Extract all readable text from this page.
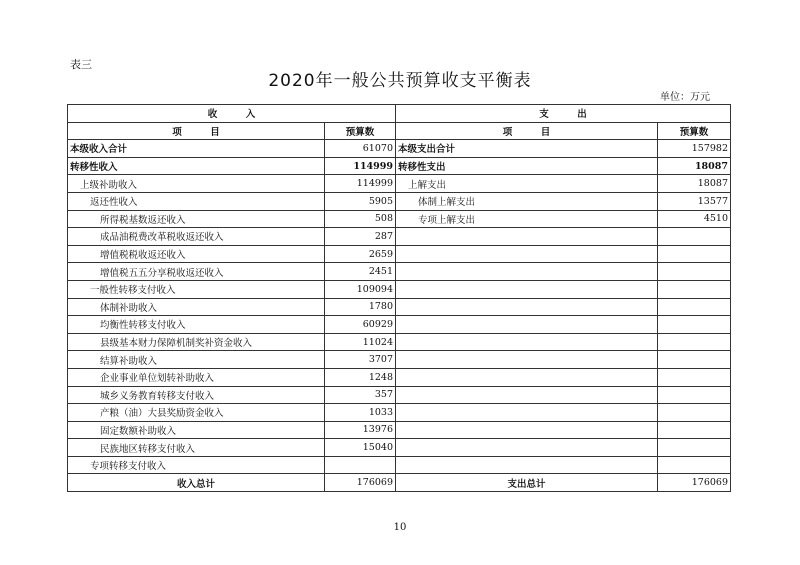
表三
2020年一般公共预算收支平衡表
单位：万元
收　　　入		支　　　出	
项　　　目	预算数	项　　　目	预算数
本级收入合计	61070	本级支出合计	157982
转移性收入	114999	转移性支出	18087
上级补助收入	114999	上解支出	18087
返还性收入	5905	体制上解支出	13577
所得税基数返还收入	508	专项上解支出	4510
成品油税费改革税收返还收入	287		
增值税税收返还收入	2659		
增值税五五分享税收返还收入	2451		
一般性转移支付收入	109094		
体制补助收入	1780		
均衡性转移支付收入	60929		
县级基本财力保障机制奖补资金收入	11024		
结算补助收入	3707		
企业事业单位划转补助收入	1248		
城乡义务教育转移支付收入	357		
产粮（油）大县奖励资金收入	1033		
固定数额补助收入	13976		
民族地区转移支付收入	15040		
专项转移支付收入			
收入总计	176069	支出总计	176069
10
